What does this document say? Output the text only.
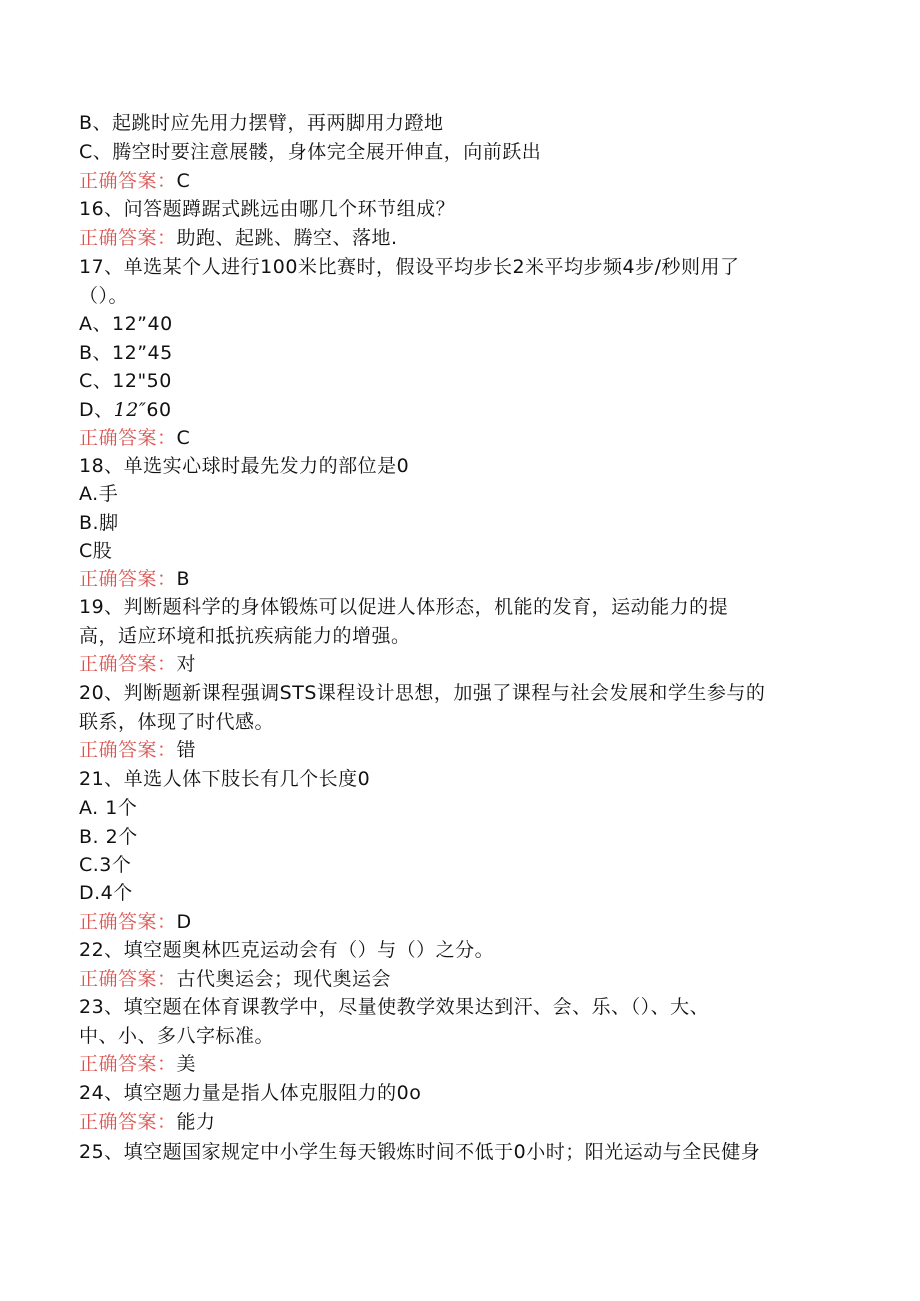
B、起跳时应先用力摆臂，再两脚用力蹬地
C、腾空时要注意展髅，身体完全展开伸直，向前跃出
正确答案：C
16、问答题蹲踞式跳远由哪几个环节组成？
正确答案：助跑、起跳、腾空、落地.
17、单选某个人进行100米比赛时，假设平均步长2米平均步频4步/秒则用了
（）。
A、12”40
B、12”45
C、12"50
D、12″60
正确答案：C
18、单选实心球时最先发力的部位是0
A.手
B.脚
C股
正确答案：B
19、判断题科学的身体锻炼可以促进人体形态，机能的发育，运动能力的提
高，适应环境和抵抗疾病能力的增强。
正确答案：对
20、判断题新课程强调STS课程设计思想，加强了课程与社会发展和学生参与的
联系，体现了时代感。
正确答案：错
21、单选人体下肢长有几个长度0
A. 1个
B. 2个
C.3个
D.4个
正确答案：D
22、填空题奥林匹克运动会有（）与（）之分。
正确答案：古代奥运会；现代奥运会
23、填空题在体育课教学中，尽量使教学效果达到汗、会、乐、（）、大、
中、小、多八字标准。
正确答案：美
24、填空题力量是指人体克服阻力的0o
正确答案：能力
25、填空题国家规定中小学生每天锻炼时间不低于0小时；阳光运动与全民健身
